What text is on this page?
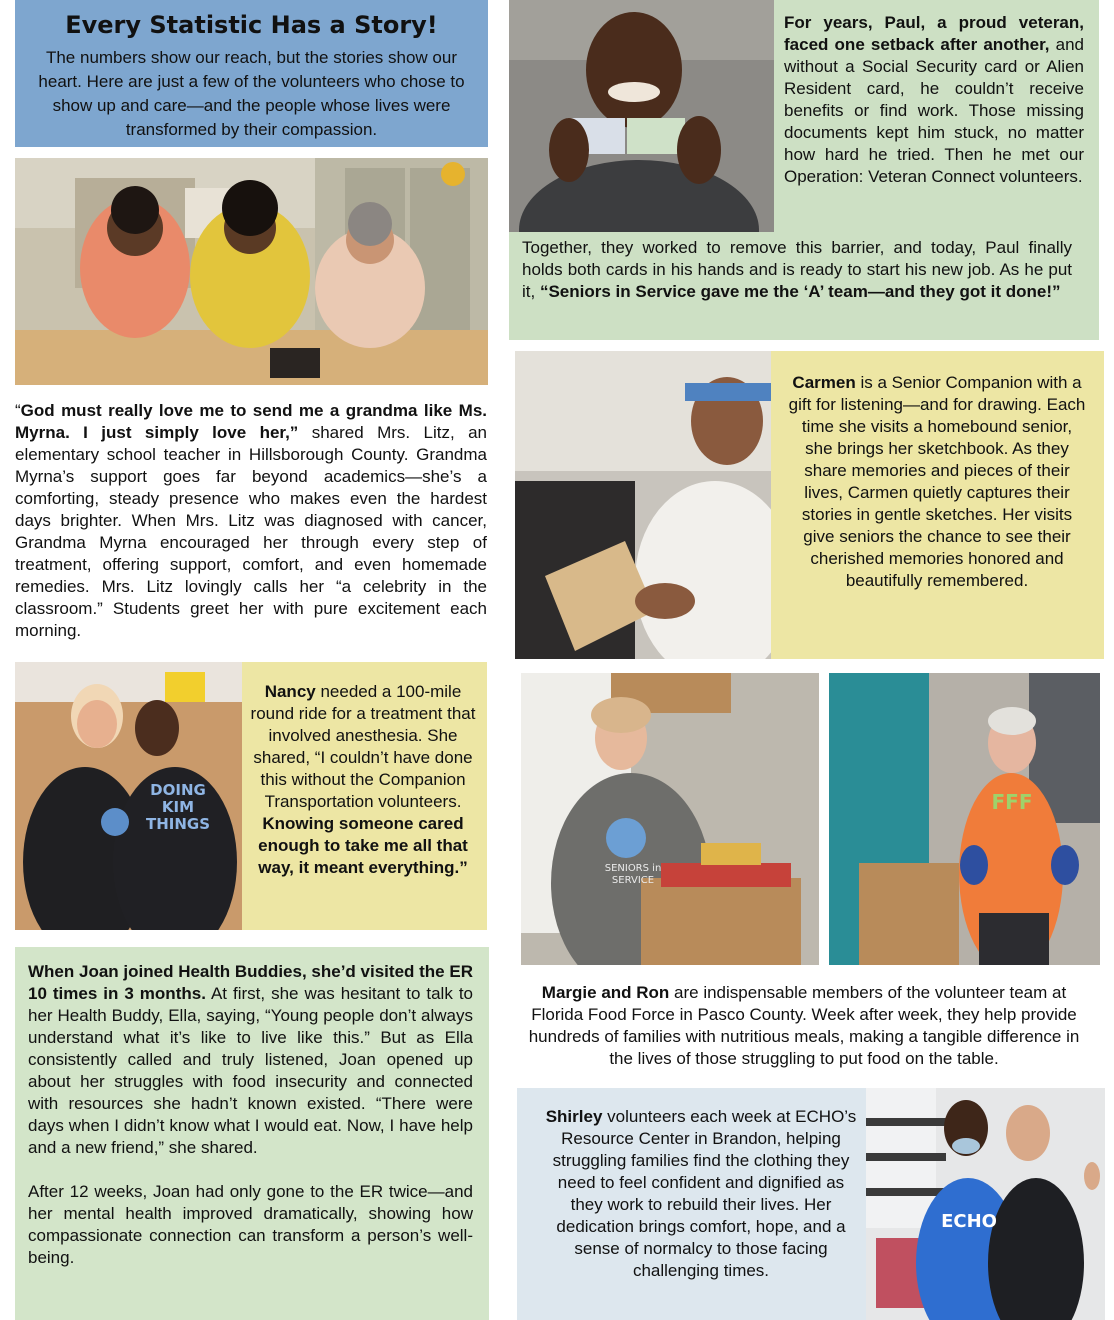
Every Statistic Has a Story!

The numbers show our reach, but the stories show our heart. Here are just a few of the volunteers who chose to show up and care—and the people whose lives were transformed by their compassion.

“God must really love me to send me a grandma like Ms. Myrna. I just simply love her,” shared Mrs. Litz, an elementary school teacher in Hillsborough County. Grandma Myrna’s support goes far beyond academics—she’s a comforting, steady presence who makes even the hardest days brighter. When Mrs. Litz was diagnosed with cancer, Grandma Myrna encouraged her through every step of treatment, offering support, comfort, and even homemade remedies. Mrs. Litz lovingly calls her “a celebrity in the classroom.” Students greet her with pure excitement each morning.
For years, Paul, a proud veteran, faced one setback after another, and without a Social Security card or Alien Resident card, he couldn’t receive benefits or find work. Those missing documents kept him stuck, no matter how hard he tried. Then he met our Operation: Veteran Connect volunteers.
Together, they worked to remove this barrier, and today, Paul finally holds both cards in his hands and is ready to start his new job. As he put it, “Seniors in Service gave me the ‘A’ team—and they got it done!”
Carmen is a Senior Companion with a gift for listening—and for drawing. Each time she visits a homebound senior, she brings her sketchbook. As they share memories and pieces of their lives, Carmen quietly captures their stories in gentle sketches. Her visits give seniors the chance to see their cherished memories honored and beautifully remembered.
DOING KIM THINGS
Nancy needed a 100-mile round ride for a treatment that involved anesthesia. She shared, “I couldn’t have done this without the Companion Transportation volunteers. Knowing someone cared enough to take me all that way, it meant everything.”	SENIORS in SERVICE
FFF
Margie and Ron are indispensable members of the volunteer team at Florida Food Force in Pasco County. Week after week, they help provide hundreds of families with nutritious meals, making a tangible difference in the lives of those struggling to put food on the table.

When Joan joined Health Buddies, she’d visited the ER 10 times in 3 months. At first, she was hesitant to talk to her Health Buddy, Ella, saying, “Young people don’t always understand what it’s like to live like this.” But as Ella consistently called and truly listened, Joan opened up about her struggles with food insecurity and connected with resources she hadn’t known existed. “There were days when I didn’t know what I would eat. Now, I have help and a new friend,” she shared.

After 12 weeks, Joan had only gone to the ER twice—and her mental health improved dramatically, showing how compassionate connection can transform a person’s well-being.

Shirley volunteers each week at ECHO’s Resource Center in Brandon, helping struggling families find the clothing they need to feel confident and dignified as they work to rebuild their lives. Her dedication brings comfort, hope, and a sense of normalcy to those facing challenging times.
ECHO
